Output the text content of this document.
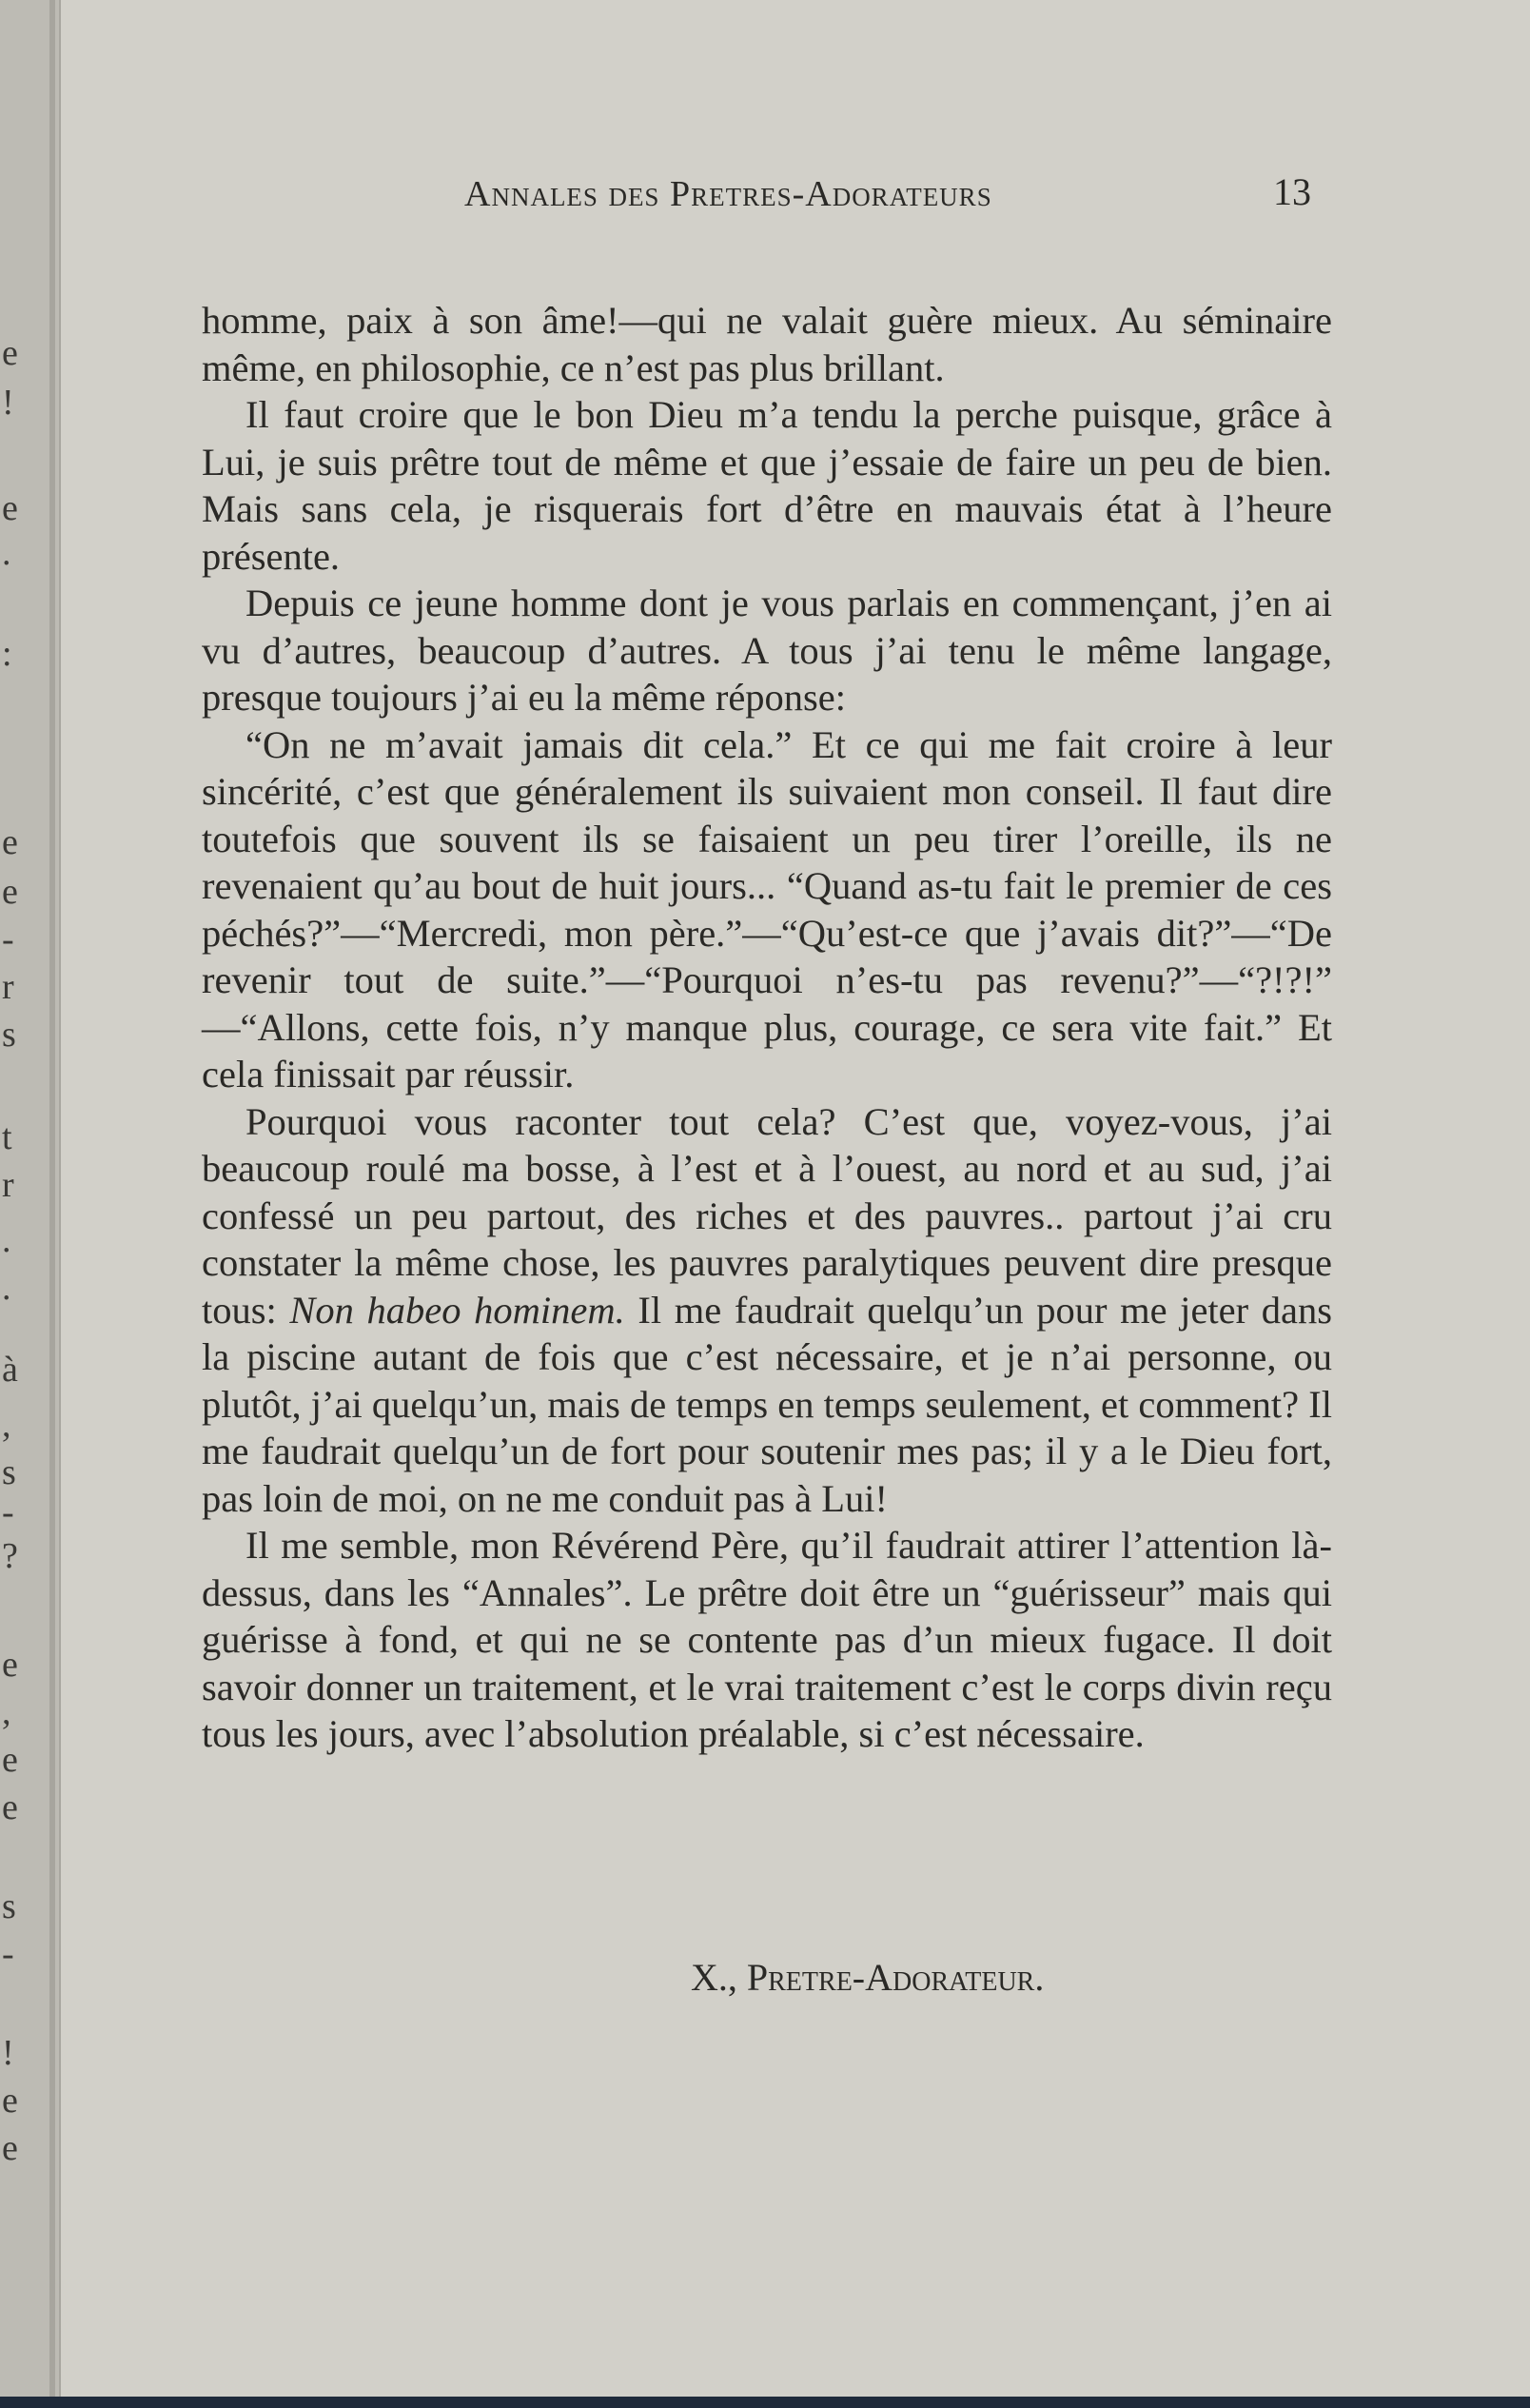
e
!
e
.
:
e
e
-
r
s
t
r
.
.
à
,
s
-
?
e
,
e
e
s
-
!
e
e
Annales des Pretres-Adorateurs	13

homme, paix à son âme!—qui ne valait guère mieux. Au séminaire même, en philosophie, ce n’est pas plus brillant.

Il faut croire que le bon Dieu m’a tendu la perche puisque, grâce à Lui, je suis prêtre tout de même et que j’essaie de faire un peu de bien. Mais sans cela, je risquerais fort d’être en mauvais état à l’heure présente.

Depuis ce jeune homme dont je vous parlais en commençant, j’en ai vu d’autres, beaucoup d’autres. A tous j’ai tenu le même langage, presque toujours j’ai eu la même réponse:

“On ne m’avait jamais dit cela.” Et ce qui me fait croire à leur sincérité, c’est que généralement ils suivaient mon conseil. Il faut dire toutefois que souvent ils se faisaient un peu tirer l’oreille, ils ne revenaient qu’au bout de huit jours... “Quand as-tu fait le premier de ces péchés?”—“Mercredi, mon père.”—“Qu’est-ce que j’avais dit?”—“De revenir tout de suite.”—“Pourquoi n’es-tu pas revenu?”—“?!?!” —“Allons, cette fois, n’y manque plus, courage, ce sera vite fait.” Et cela finissait par réussir.

Pourquoi vous raconter tout cela? C’est que, voyez-vous, j’ai beaucoup roulé ma bosse, à l’est et à l’ouest, au nord et au sud, j’ai confessé un peu partout, des riches et des pauvres.. partout j’ai cru constater la même chose, les pauvres paralytiques peuvent dire presque tous: Non habeo hominem. Il me faudrait quelqu’un pour me jeter dans la piscine autant de fois que c’est nécessaire, et je n’ai personne, ou plutôt, j’ai quelqu’un, mais de temps en temps seulement, et comment? Il me faudrait quelqu’un de fort pour soutenir mes pas; il y a le Dieu fort, pas loin de moi, on ne me conduit pas à Lui!

Il me semble, mon Révérend Père, qu’il faudrait attirer l’attention là-dessus, dans les “Annales”. Le prêtre doit être un “guérisseur” mais qui guérisse à fond, et qui ne se contente pas d’un mieux fugace. Il doit savoir donner un traitement, et le vrai traitement c’est le corps divin reçu tous les jours, avec l’absolution préalable, si c’est nécessaire.

X., Pretre-Adorateur.
